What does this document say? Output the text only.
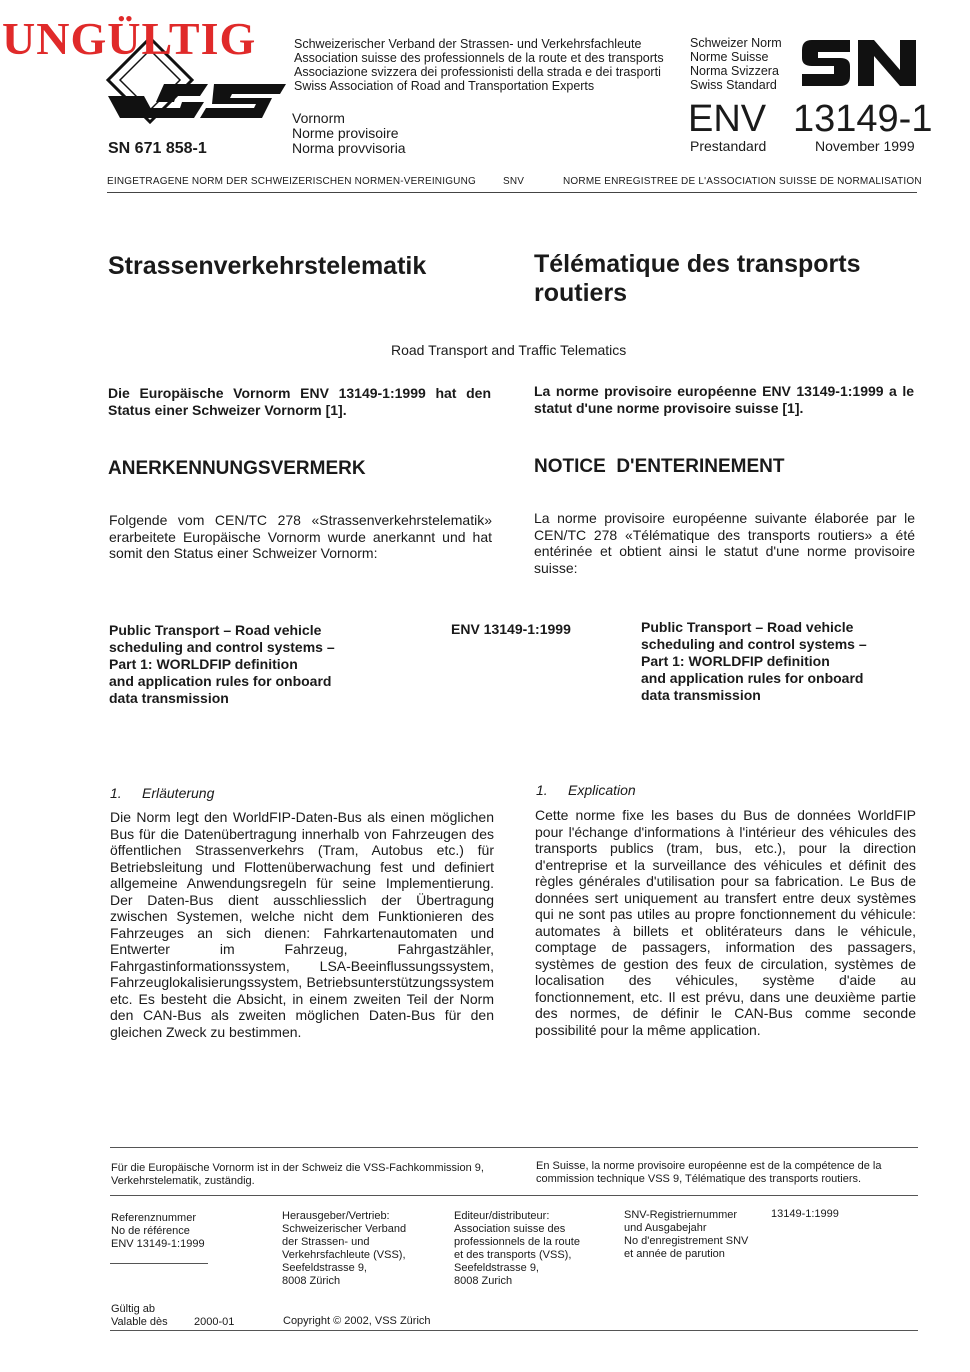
UNGÜLTIG
SN 671 858-1
Schweizerischer Verband der Strassen- und Verkehrsfachleute
Association suisse des professionnels de la route et des transports
Associazione svizzera dei professionisti della strada e dei trasporti
Swiss Association of Road and Transportation Experts
Vornorm
Norme provisoire
Norma provvisoria
Schweizer Norm
Norme Suisse
Norma Svizzera
Swiss Standard
ENV 13149-1
Prestandard	November 1999
EINGETRAGENE NORM DER SCHWEIZERISCHEN NORMEN-VEREINIGUNG	SNV	NORME ENREGISTREE DE L'ASSOCIATION SUISSE DE NORMALISATION
Strassenverkehrstelematik	Télématique des transports routiers
Road Transport and Traffic Telematics
Die Europäische Vornorm ENV 13149-1:1999 hat den Status einer Schweizer Vornorm [1].
La norme provisoire européenne ENV 13149-1:1999 a le statut d'une norme provisoire suisse [1].
ANERKENNUNGSVERMERK	NOTICE  D'ENTERINEMENT
Folgende vom CEN/TC 278 «Strassenverkehrstelematik» erarbeitete Europäische Vornorm wurde anerkannt und hat somit den Status einer Schweizer Vornorm:
La norme provisoire européenne suivante élaborée par le CEN/TC 278 «Télématique des transports routiers» a été entérinée et obtient ainsi le statut d'une norme provisoire suisse:
Public Transport – Road vehicle
scheduling and control systems –
Part 1: WORLDFIP definition
and application rules for onboard
data transmission
ENV 13149-1:1999	Public Transport – Road vehicle
scheduling and control systems –
Part 1: WORLDFIP definition
and application rules for onboard
data transmission
1. Erläuterung	1. Explication
Die Norm legt den WorldFIP-Daten-Bus als einen möglichen Bus für die Datenübertragung innerhalb von Fahrzeugen des öffentlichen Strassenverkehrs (Tram, Autobus etc.) für Betriebsleitung und Flottenüberwachung fest und definiert allgemeine Anwendungsregeln für seine Implementierung. Der Daten-Bus dient ausschliesslich der Übertragung zwischen Systemen, welche nicht dem Funktionieren des Fahrzeuges an sich dienen: Fahrkartenautomaten und Entwerter im Fahrzeug, Fahrgastzähler, Fahrgastinformationssystem, LSA-Beeinflussungssystem, Fahrzeuglokalisierungssystem, Betriebsunterstützungssystem etc. Es besteht die Absicht, in einem zweiten Teil der Norm den CAN-Bus als zweiten möglichen Daten-Bus für den gleichen Zweck zu bestimmen.
Cette norme fixe les bases du Bus de données WorldFIP pour l'échange d'informations à l'intérieur des véhicules des transports publics (tram, bus, etc.), pour la direction d'entreprise et la surveillance des véhicules et définit des règles générales d'utilisation pour sa fabrication. Le Bus de données sert uniquement au transfert entre deux systèmes qui ne sont pas utiles au propre fonctionnement du véhicule: automates à billets et oblitérateurs dans le véhicule, comptage de passagers, information des passagers, systèmes de gestion des feux de circulation, systèmes de localisation des véhicules, système d'aide au fonctionnement, etc. Il est prévu, dans une deuxième partie des normes, de définir le CAN-Bus comme seconde possibilité pour la même application.
Für die Europäische Vornorm ist in der Schweiz die VSS-Fachkommission 9, Verkehrstelematik, zuständig.
En Suisse, la norme provisoire européenne est de la compétence de la commission technique VSS 9, Télématique des transports routiers.
Referenznummer
No de référence
ENV 13149-1:1999
Herausgeber/Vertrieb:
Schweizerischer Verband
der Strassen- und
Verkehrsfachleute (VSS),
Seefeldstrasse 9,
8008 Zürich
Editeur/distributeur:
Association suisse des
professionnels de la route
et des transports (VSS),
Seefeldstrasse 9,
8008 Zurich
SNV-Registriernummer
und Ausgabejahr
No d'enregistrement SNV
et année de parution
13149-1:1999
Gültig ab
Valable dès 2000-01	Copyright © 2002, VSS Zürich
